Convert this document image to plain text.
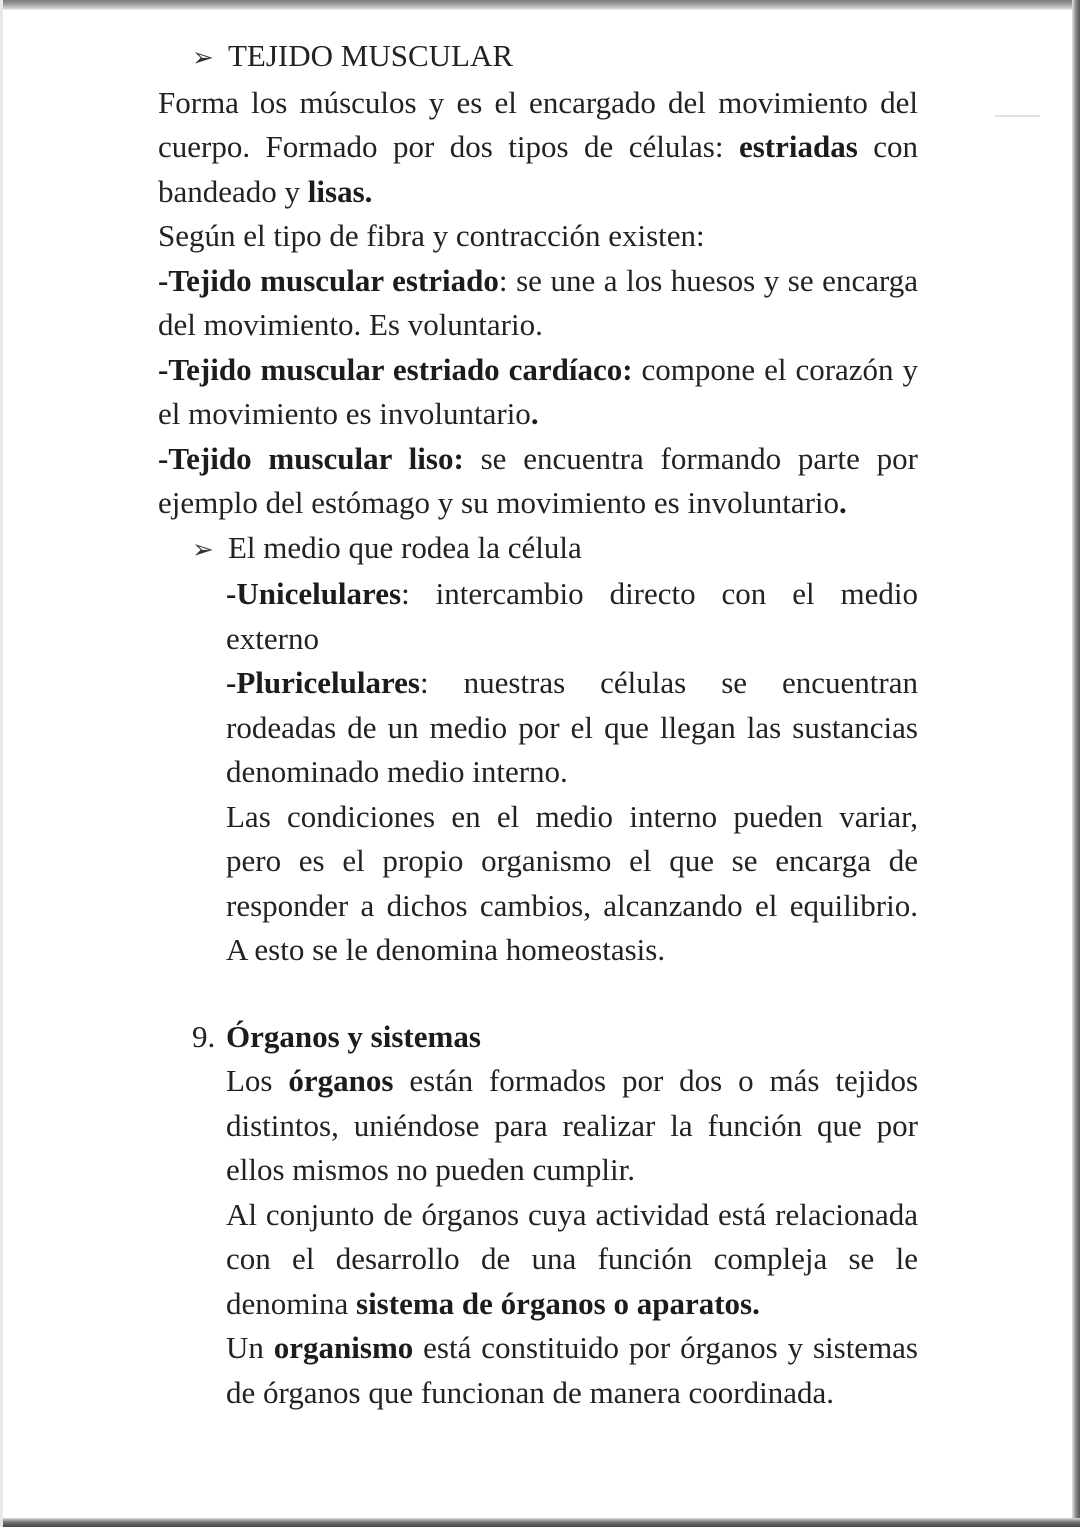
➢ TEJIDO MUSCULAR

Forma los músculos y es el encargado del movimiento del cuerpo. Formado por dos tipos de células: estriadas con bandeado y lisas.

Según el tipo de fibra y contracción existen:

-Tejido muscular estriado: se une a los huesos y se encarga del movimiento. Es voluntario.

-Tejido muscular estriado cardíaco: compone el corazón y el movimiento es involuntario.

-Tejido muscular liso: se encuentra formando parte por ejemplo del estómago y su movimiento es involuntario.

➢ El medio que rodea la célula

-Unicelulares: intercambio directo con el medio externo

-Pluricelulares: nuestras células se encuentran rodeadas de un medio por el que llegan las sustancias denominado medio interno.

Las condiciones en el medio interno pueden variar, pero es el propio organismo el que se encarga de responder a dichos cambios, alcanzando el equilibrio. A esto se le denomina homeostasis.

9. Órganos y sistemas

Los órganos están formados por dos o más tejidos distintos, uniéndose para realizar la función que por ellos mismos no pueden cumplir.

Al conjunto de órganos cuya actividad está relacionada con el desarrollo de una función compleja se le denomina sistema de órganos o aparatos.

Un organismo está constituido por órganos y sistemas de órganos que funcionan de manera coordinada.
